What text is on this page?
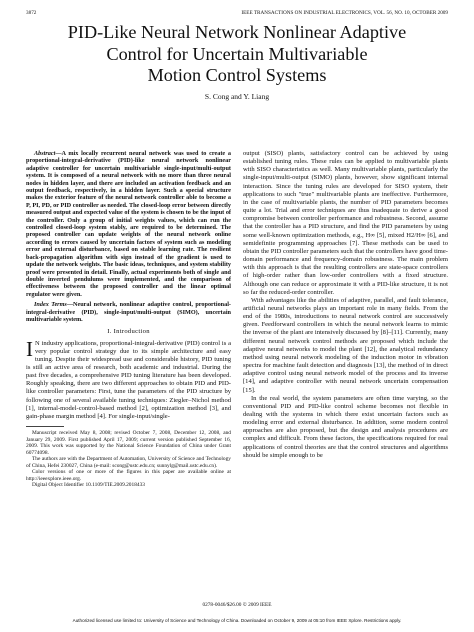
3872	IEEE TRANSACTIONS ON INDUSTRIAL ELECTRONICS, VOL. 56, NO. 10, OCTOBER 2009
PID-Like Neural Network Nonlinear Adaptive
Control for Uncertain Multivariable
Motion Control Systems
S. Cong and Y. Liang

Abstract—A mix locally recurrent neural network was used to create a proportional-integral-derivative (PID)-like neural network nonlinear adaptive controller for uncertain multivariable single-input/multi-output system. It is composed of a neural network with no more than three neural nodes in hidden layer, and there are included an activation feedback and an output feedback, respectively, in a hidden layer. Such a special structure makes the exterior feature of the neural network controller able to become a P, PI, PD, or PID controller as needed. The closed-loop error between directly measured output and expected value of the system is chosen to be the input of the controller. Only a group of initial weights values, which can run the controlled closed-loop system stably, are required to be determined. The proposed controller can update weights of the neural network online according to errors caused by uncertain factors of system such as modeling error and external disturbance, based on stable learning rate. The resilient back-propagation algorithm with sign instead of the gradient is used to update the network weights. The basic ideas, techniques, and system stability proof were presented in detail. Finally, actual experiments both of single and double inverted pendulums were implemented, and the comparison of effectiveness between the proposed controller and the linear optimal regulator were given.

Index Terms—Neural network, nonlinear adaptive control, proportional-integral-derivative (PID), single-input/multi-output (SIMO), uncertain multivariable system.

I. Introduction

I N industry applications, proportional-integral-derivative (PID) control is a very popular control strategy due to its simple architecture and easy tuning. Despite their widespread use and considerable history, PID tuning is still an active area of research, both academic and industrial. During the past five decades, a comprehensive PID tuning literature has been developed. Roughly speaking, there are two different approaches to obtain PID and PID-like controller parameters: First, tune the parameters of the PID structure by following one of several available tuning techniques: Ziegler–Nichol method [1], internal-model-control-based method [2], optimization method [3], and gain-phase margin method [4]. For single-input/single-

Manuscript received May 8, 2008; revised October 7, 2008, December 12, 2008, and January 29, 2009. First published April 17, 2009; current version published September 16, 2009. This work was supported by the National Science Foundation of China under Grant 60774098.

The authors are with the Department of Automation, University of Science and Technology of China, Hefei 230027, China (e-mail: scong@ustc.edu.cn; sunnylg@mail.ustc.edu.cn).

Color versions of one or more of the figures in this paper are available online at http://ieeexplore.ieee.org.

Digital Object Identifier 10.1109/TIE.2009.2018433

output (SISO) plants, satisfactory control can be achieved by using established tuning rules. These rules can be applied to multivariable plants with SISO characteristics as well. Many multivariable plants, particularly the single-input/multi-output (SIMO) plants, however, show significant internal interaction. Since the tuning rules are developed for SISO system, their applications to such "true" multivariable plants are ineffective. Furthermore, in the case of multivariable plants, the number of PID parameters becomes quite a lot. Trial and error techniques are thus inadequate to derive a good compromise between controller performance and robustness. Second, assume that the controller has a PID structure, and find the PID parameters by using some well-known optimization methods, e.g., H∞ [5], mixed H2/H∞ [6], and semidefinite programming approaches [7]. These methods can be used to obtain the PID controller parameters such that the controllers have good time-domain performance and frequency-domain robustness. The main problem with this approach is that the resulting controllers are state-space controllers of high-order rather than low-order controllers with a fixed structure. Although one can reduce or approximate it with a PID-like structure, it is not so far the reduced-order controller.

With advantages like the abilities of adaptive, parallel, and fault tolerance, artificial neural networks plays an important role in many fields. From the end of the 1980s, introductions to neural network control are successively given. Feedforward controllers in which the neural network learns to mimic the inverse of the plant are intensively discussed by [8]–[11]. Currently, many different neural network control methods are proposed which include the adaptive neural networks to model the plant [12], the analytical redundancy method using neural network modeling of the induction motor in vibration spectra for machine fault detection and diagnosis [13], the method of in direct adaptive control using neural network model of the process and its inverse [14], and adaptive controller with neural network uncertain compensation [15].

In the real world, the system parameters are often time varying, so the conventional PID and PID-like control scheme becomes not flexible in dealing with the systems in which there exist uncertain factors such as modeling error and external disturbance. In addition, some modern control approaches are also proposed, but the design and analysis procedures are complex and difficult. From these factors, the specifications required for real applications of control theories are that the control structures and algorithms should be simple enough to be

0278-0046/$26.00 © 2009 IEEE
Authorized licensed use limited to: University of Science and Technology of China. Downloaded on October 9, 2009 at 05:10 from IEEE Xplore. Restrictions apply.
